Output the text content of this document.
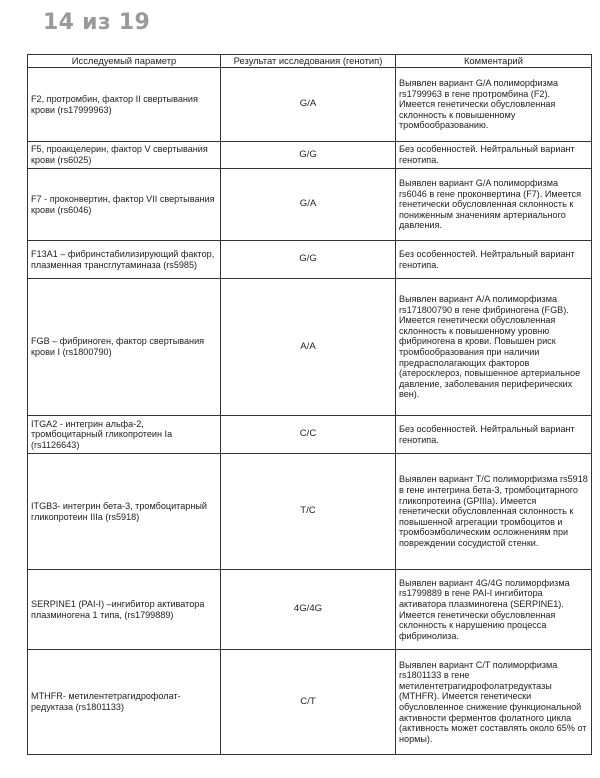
14 из 19
Исследуемый параметр	Результат исследования (генотип)	Комментарий
F2, протромбин, фактор II свертывания крови (rs17999963)	G/A	Выявлен вариант G/A полиморфизма rs1799963 в гене протромбина (F2). Имеется генетически обусловленная склонность к повышенному тромбообразованию.
F5, проакцелерин, фактор V свертывания крови (rs6025)	G/G	Без особенностей. Нейтральный вариант генотипа.
F7 - проконвертин, фактор VII свертывания крови (rs6046)	G/A	Выявлен вариант G/A полиморфизма rs6046 в гене проконвертина (F7). Имеется генетически обусловленная склонность к пониженным значениям артериального давления.
F13A1 – фибринстабилизирующий фактор, плазменная трансглутаминаза (rs5985)	G/G	Без особенностей. Нейтральный вариант генотипа.
FGB – фибриноген, фактор свертывания крови I (rs1800790)	A/A	Выявлен вариант A/A полиморфизма rs171800790 в гене фибриногена (FGB). Имеется генетически обусловленная склонность к повышенному уровню фибриногена в крови. Повышен риск тромбообразования при наличии предрасполагающих факторов (атеросклероз, повышенное артериальное давление, заболевания периферических вен).
ITGA2 - интегрин альфа-2, тромбоцитарный гликопротеин Ia (rs1126643)	C/C	Без особенностей. Нейтральный вариант генотипа.
ITGB3- интегрин бета-3, тромбоцитарный гликопротеин IIIa (rs5918)	T/C	Выявлен вариант T/C полиморфизма rs5918 в гене интегрина бета-3, тромбоцитарного гликопротеина (GPIIIa). Имеется генетически обусловленная склонность к повышенной агрегации тромбоцитов и тромбоэмболическим осложнениям при повреждении сосудистой стенки.
SERPINE1 (PAI-I) –ингибитор активатора плазминогена 1 типа, (rs1799889)	4G/4G	Выявлен вариант 4G/4G полиморфизма rs1799889 в гене PAI-I ингибитора активатора плазминогена (SERPINE1). Имеется генетически обусловленная склонность к нарушению процесса фибринолиза.
MTHFR- метилентетрагидрофолат-редуктаза (rs1801133)	C/T	Выявлен вариант C/T полиморфизма rs1801133 в гене метилентетрагидрофолатредуктазы (MTHFR). Имеется генетически обусловленное снижение функциональной активности ферментов фолатного цикла (активность может составлять около 65% от нормы).
